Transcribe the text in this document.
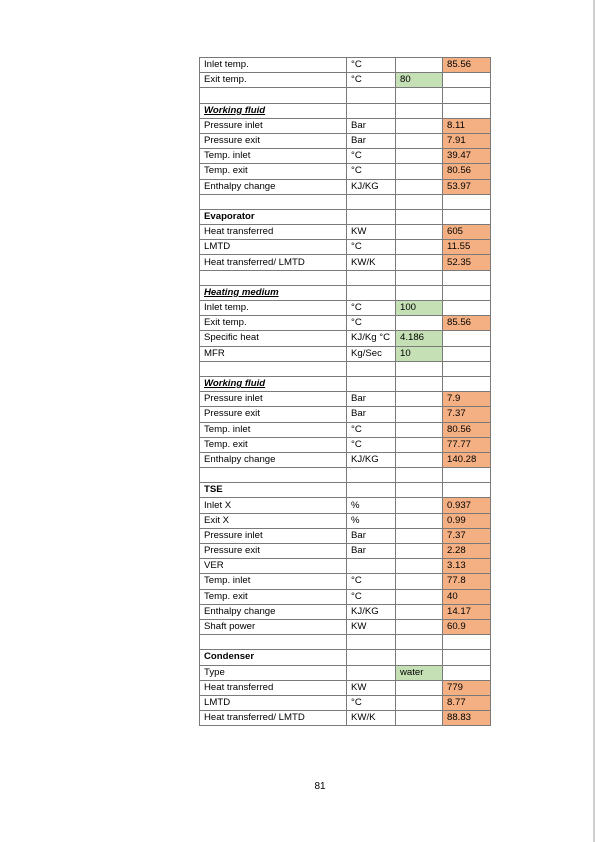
Inlet temp.	°C		85.56
Exit temp.	°C	80	

Working fluid			
Pressure inlet	Bar		8.11
Pressure exit	Bar		7.91
Temp. inlet	°C		39.47
Temp. exit	°C		80.56
Enthalpy change	KJ/KG		53.97

Evaporator			
Heat transferred	KW		605
LMTD	°C		11.55
Heat transferred/ LMTD	KW/K		52.35

Heating medium			
Inlet temp.	°C	100	
Exit temp.	°C		85.56
Specific heat	KJ/Kg °C	4.186	
MFR	Kg/Sec	10	

Working fluid			
Pressure inlet	Bar		7.9
Pressure exit	Bar		7.37
Temp. inlet	°C		80.56
Temp. exit	°C		77.77
Enthalpy change	KJ/KG		140.28

TSE			
Inlet X	%		0.937
Exit X	%		0.99
Pressure inlet	Bar		7.37
Pressure exit	Bar		2.28
VER			3.13
Temp. inlet	°C		77.8
Temp. exit	°C		40
Enthalpy change	KJ/KG		14.17
Shaft power	KW		60.9

Condenser			
Type		water	
Heat transferred	KW		779
LMTD	°C		8.77
Heat transferred/ LMTD	KW/K		88.83
81
